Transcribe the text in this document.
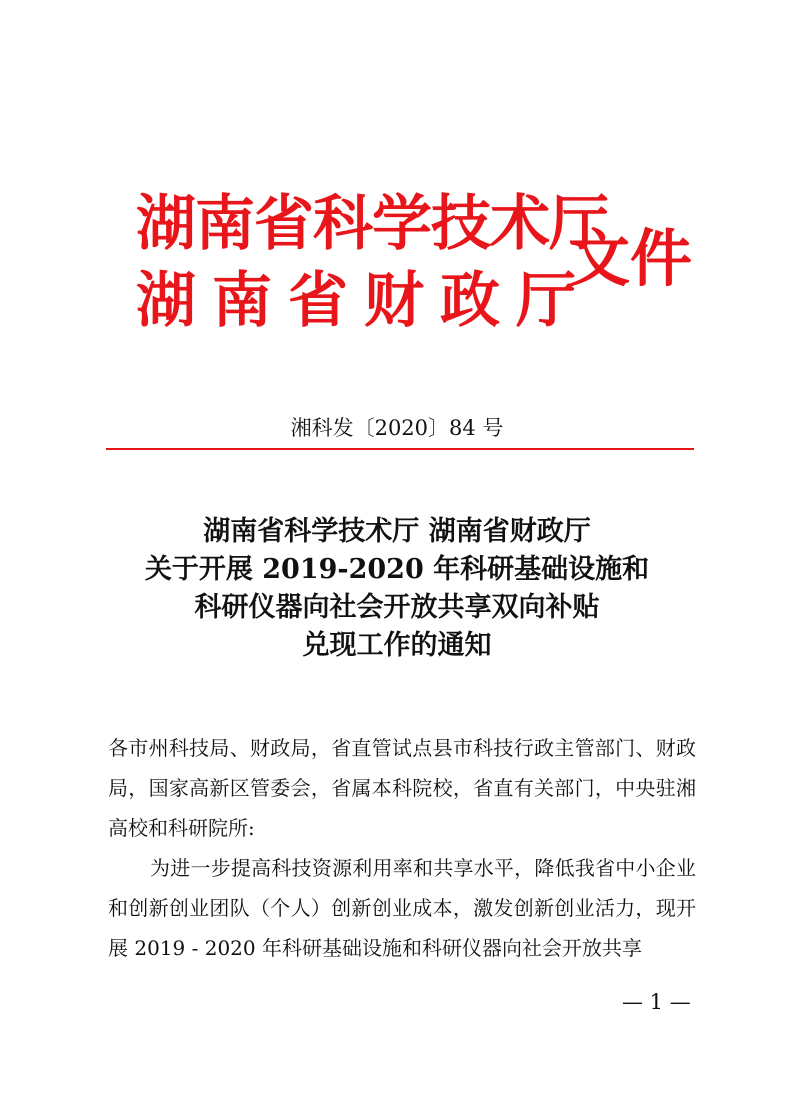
湖南省科学技术厅
湖南省财政厅
文件
湘科发〔2020〕84 号
湖南省科学技术厅 湖南省财政厅
关于开展 2019-2020 年科研基础设施和
科研仪器向社会开放共享双向补贴
兑现工作的通知

各市州科技局、财政局，省直管试点县市科技行政主管部门、财政局，国家高新区管委会，省属本科院校，省直有关部门，中央驻湘高校和科研院所:

为进一步提高科技资源利用率和共享水平，降低我省中小企业和创新创业团队（个人）创新创业成本，激发创新创业活力，现开展 2019 - 2020 年科研基础设施和科研仪器向社会开放共享

— 1 —
